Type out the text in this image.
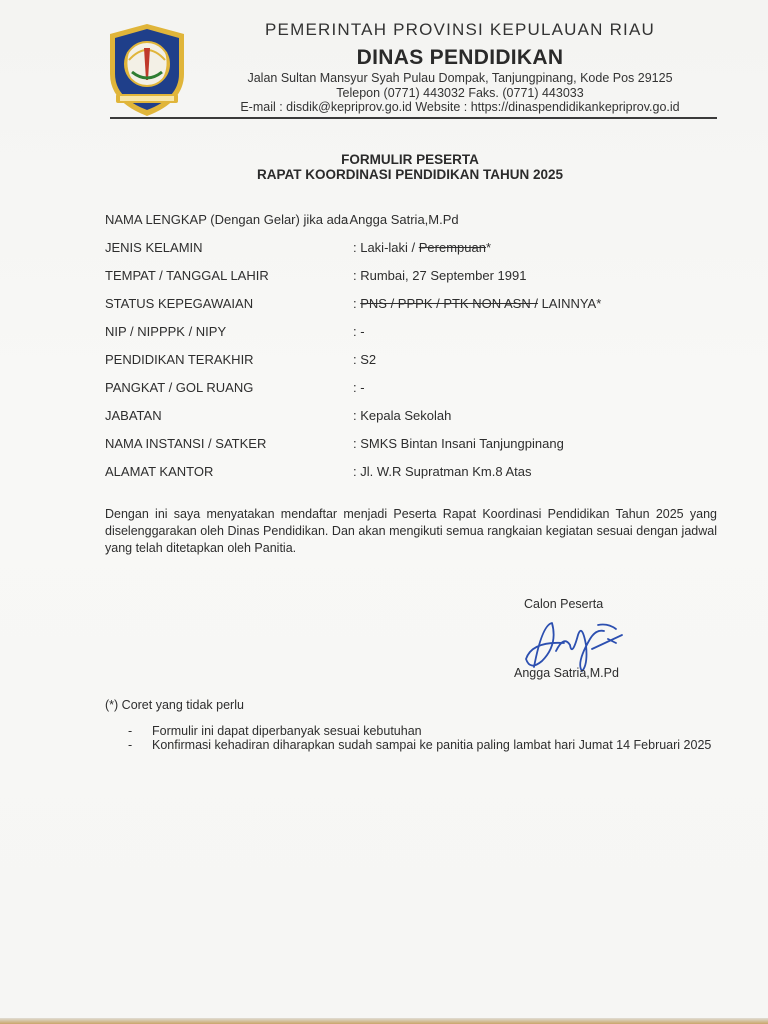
PEMERINTAH PROVINSI KEPULAUAN RIAU
DINAS PENDIDIKAN
Jalan Sultan Mansyur Syah Pulau Dompak, Tanjungpinang, Kode Pos 29125
Telepon (0771) 443032 Faks. (0771) 443033
E-mail : disdik@kepriprov.go.id Website : https://dinaspendidikankepriprov.go.id
FORMULIR PESERTA
RAPAT KOORDINASI PENDIDIKAN TAHUN 2025
NAMA LENGKAP (Dengan Gelar) jika ada
: Angga Satria,M.Pd
JENIS KELAMIN	: Laki-laki / Perempuan*
TEMPAT / TANGGAL LAHIR	: Rumbai, 27 September 1991
STATUS KEPEGAWAIAN	: PNS / PPPK / PTK NON ASN / LAINNYA*
NIP / NIPPPK / NIPY	: -
PENDIDIKAN TERAKHIR	: S2
PANGKAT / GOL RUANG	: -
JABATAN	: Kepala Sekolah
NAMA INSTANSI / SATKER	: SMKS Bintan Insani Tanjungpinang
ALAMAT KANTOR	: Jl. W.R Supratman Km.8 Atas
Dengan ini saya menyatakan mendaftar menjadi Peserta Rapat Koordinasi Pendidikan Tahun 2025 yang diselenggarakan oleh Dinas Pendidikan. Dan akan mengikuti semua rangkaian kegiatan sesuai dengan jadwal yang telah ditetapkan oleh Panitia.
Calon Peserta
Angga Satria,M.Pd
(*) Coret yang tidak perlu
- Formulir ini dapat diperbanyak sesuai kebutuhan
- Konfirmasi kehadiran diharapkan sudah sampai ke panitia paling lambat hari Jumat 14 Februari 2025
